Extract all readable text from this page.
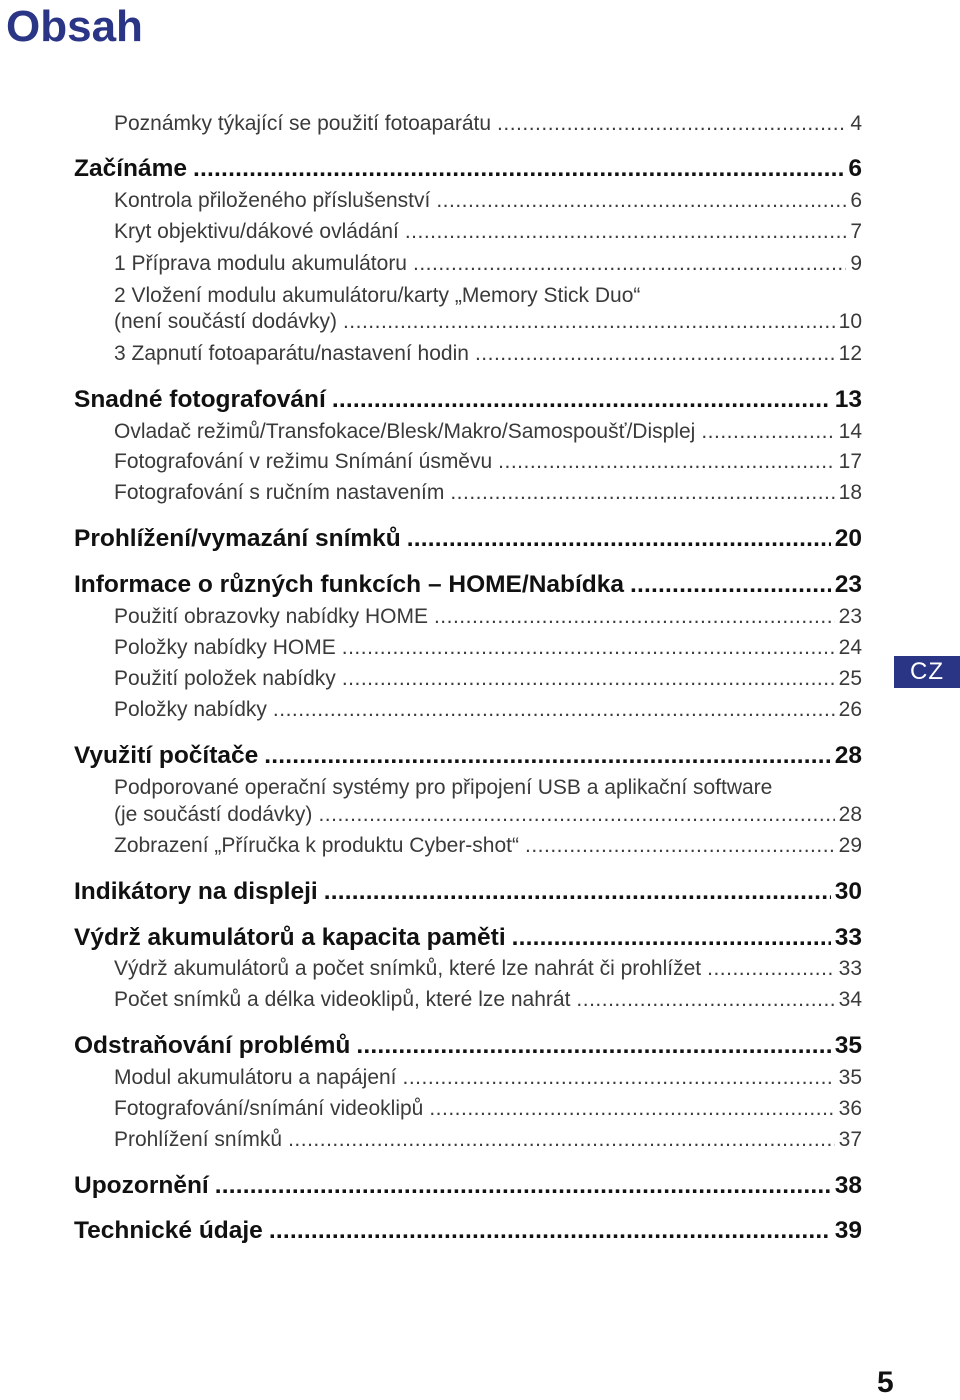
Obsah
Poznámky týkající se použití fotoaparátu .....	4
Začínáme .....	6
Kontrola přiloženého příslušenství .....	6
Kryt objektivu/dákové ovládání .....	7
1 Příprava modulu akumulátoru .....	9
2 Vložení modulu akumulátoru/karty „Memory Stick Duo“
(není součástí dodávky) .....	10
3 Zapnutí fotoaparátu/nastavení hodin .....	12
Snadné fotografování .....	13
Ovladač režimů/Transfokace/Blesk/Makro/Samospoušť/Displej .....	14
Fotografování v režimu Snímání úsměvu .....	17
Fotografování s ručním nastavením .....	18
Prohlížení/vymazání snímků .....	20
Informace o různých funkcích – HOME/Nabídka .....	23
Použití obrazovky nabídky HOME .....	23
Položky nabídky HOME .....	24
Použití položek nabídky .....	25
Položky nabídky .....	26
Využití počítače .....	28
Podporované operační systémy pro připojení USB a aplikační software
(je součástí dodávky) .....	28
Zobrazení „Příručka k produktu Cyber-shot“ .....	29
Indikátory na displeji .....	30
Výdrž akumulátorů a kapacita paměti .....	33
Výdrž akumulátorů a počet snímků, které lze nahrát či prohlížet .....	33
Počet snímků a délka videoklipů, které lze nahrát .....	34
Odstraňování problémů .....	35
Modul akumulátoru a napájení .....	35
Fotografování/snímání videoklipů .....	36
Prohlížení snímků .....	37
Upozornění .....	38
Technické údaje .....	39
CZ
5
